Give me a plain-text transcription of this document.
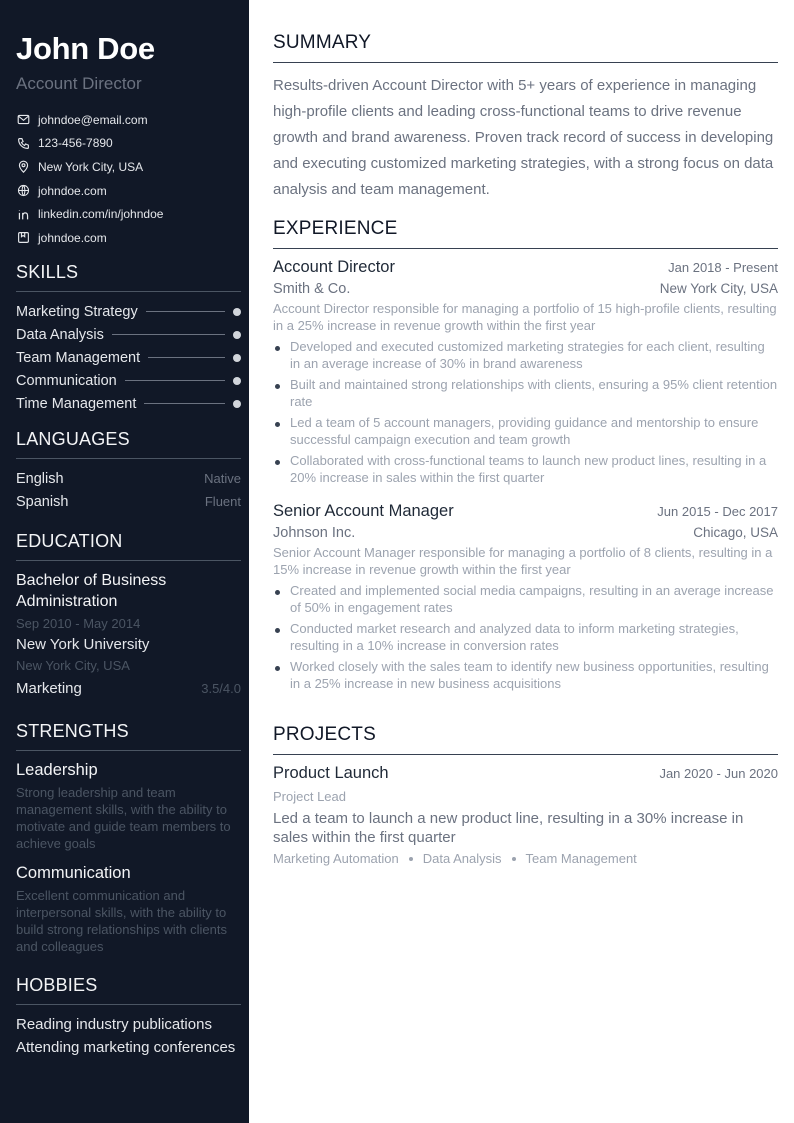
John Doe
Account Director
johndoe@email.com
123-456-7890
New York City, USA
johndoe.com
linkedin.com/in/johndoe
johndoe.com
SKILLS
Marketing Strategy
Data Analysis
Team Management
Communication
Time Management
LANGUAGES
English	Native
Spanish	Fluent
EDUCATION
Bachelor of Business Administration
Sep 2010 - May 2014
New York University
New York City, USA
Marketing	3.5/4.0
STRENGTHS
Leadership
Strong leadership and team management skills, with the ability to motivate and guide team members to achieve goals
Communication
Excellent communication and interpersonal skills, with the ability to build strong relationships with clients and colleagues
HOBBIES
Reading industry publications
Attending marketing conferences
SUMMARY
Results-driven Account Director with 5+ years of experience in managing high-profile clients and leading cross-functional teams to drive revenue growth and brand awareness. Proven track record of success in developing and executing customized marketing strategies, with a strong focus on data analysis and team management.
EXPERIENCE
Account Director	Jan 2018 - Present
Smith & Co.	New York City, USA
Account Director responsible for managing a portfolio of 15 high-profile clients, resulting in a 25% increase in revenue growth within the first year
Developed and executed customized marketing strategies for each client, resulting in an average increase of 30% in brand awareness
Built and maintained strong relationships with clients, ensuring a 95% client retention rate
Led a team of 5 account managers, providing guidance and mentorship to ensure successful campaign execution and team growth
Collaborated with cross-functional teams to launch new product lines, resulting in a 20% increase in sales within the first quarter
Senior Account Manager	Jun 2015 - Dec 2017
Johnson Inc.	Chicago, USA
Senior Account Manager responsible for managing a portfolio of 8 clients, resulting in a 15% increase in revenue growth within the first year
Created and implemented social media campaigns, resulting in an average increase of 50% in engagement rates
Conducted market research and analyzed data to inform marketing strategies, resulting in a 10% increase in conversion rates
Worked closely with the sales team to identify new business opportunities, resulting in a 25% increase in new business acquisitions
PROJECTS
Product Launch	Jan 2020 - Jun 2020
Project Lead
Led a team to launch a new product line, resulting in a 30% increase in sales within the first quarter
Marketing Automation Data Analysis Team Management
